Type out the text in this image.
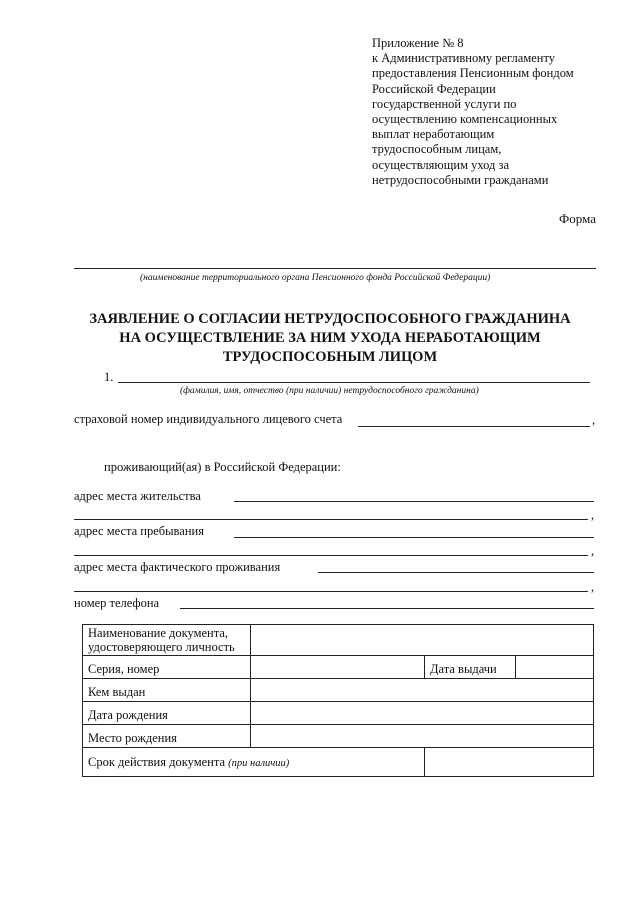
Приложение № 8
к Административному регламенту
предоставления Пенсионным фондом
Российской Федерации
государственной услуги по
осуществлению компенсационных
выплат неработающим
трудоспособным лицам,
осуществляющим уход за
нетрудоспособными гражданами
Форма
(наименование территориального органа Пенсионного фонда Российской Федерации)
ЗАЯВЛЕНИЕ О СОГЛАСИИ НЕТРУДОСПОСОБНОГО ГРАЖДАНИНА
НА ОСУЩЕСТВЛЕНИЕ ЗА НИМ УХОДА НЕРАБОТАЮЩИМ
ТРУДОСПОСОБНЫМ ЛИЦОМ
1.
(фамилия, имя, отчество (при наличии) нетрудоспособного гражданина)
страховой номер индивидуального лицевого счета	,
проживающий(ая) в Российской Федерации:
адрес места жительства
,
адрес места пребывания
,
адрес места фактического проживания
,
номер телефона
Наименование документа,
удостоверяющего личность			

Серия, номер		Дата выдачи	
Кем выдан			
Дата рождения			
Место рождения			
Срок действия документа (при наличии)			
